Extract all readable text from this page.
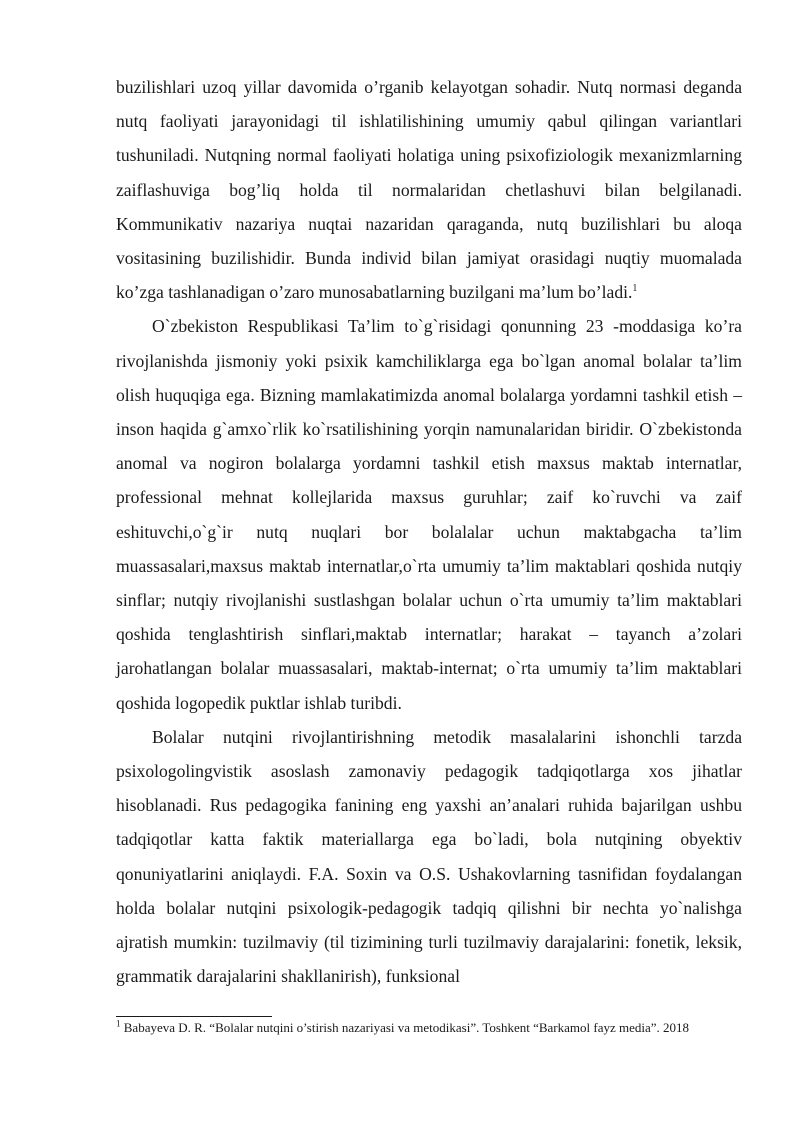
buzilishlari uzoq yillar davomida o’rganib kelayotgan sohadir. Nutq normasi deganda nutq faoliyati jarayonidagi til ishlatilishining umumiy qabul qilingan variantlari tushuniladi. Nutqning normal faoliyati holatiga uning psixofiziologik mexanizmlarning zaiflashuviga bog’liq holda til normalaridan chetlashuvi bilan belgilanadi. Kommunikativ nazariya nuqtai nazaridan qaraganda, nutq buzilishlari bu aloqa vositasining buzilishidir. Bunda individ bilan jamiyat orasidagi nuqtiy muomalada ko’zga tashlanadigan o’zaro munosabatlarning buzilgani ma’lum bo’ladi.$^1$

O`zbekiston Respublikasi Ta’lim to`g`risidagi qonunning 23 -moddasiga ko’ra rivojlanishda jismoniy yoki psixik kamchiliklarga ega bo`lgan anomal bolalar ta’lim olish huquqiga ega. Bizning mamlakatimizda anomal bolalarga yordamni tashkil etish – inson haqida g`amxo`rlik ko`rsatilishining yorqin namunalaridan biridir. O`zbekistonda anomal va nogiron bolalarga yordamni tashkil etish maxsus maktab internatlar, professional mehnat kollejlarida maxsus guruhlar; zaif ko`ruvchi va zaif eshituvchi,o`g`ir nutq nuqlari bor bolalalar uchun maktabgacha ta’lim muassasalari,maxsus maktab internatlar,o`rta umumiy ta’lim maktablari qoshida nutqiy sinflar; nutqiy rivojlanishi sustlashgan bolalar uchun o`rta umumiy ta’lim maktablari qoshida tenglashtirish sinflari,maktab internatlar; harakat – tayanch a’zolari jarohatlangan bolalar muassasalari, maktab-internat; o`rta umumiy ta’lim maktablari qoshida logopedik puktlar ishlab turibdi.

Bolalar nutqini rivojlantirishning metodik masalalarini ishonchli tarzda psixologolingvistik asoslash zamonaviy pedagogik tadqiqotlarga xos jihatlar hisoblanadi. Rus pedagogika fanining eng yaxshi an’analari ruhida bajarilgan ushbu tadqiqotlar katta faktik materiallarga ega bo`ladi, bola nutqining obyektiv qonuniyatlarini aniqlaydi. F.A. Soxin va O.S. Ushakovlarning tasnifidan foydalangan holda bolalar nutqini psixologik-pedagogik tadqiq qilishni bir nechta yo`nalishga ajratish mumkin: tuzilmaviy (til tizimining turli tuzilmaviy darajalarini: fonetik, leksik, grammatik darajalarini shakllanirish), funksional

$^1$ Babayeva D. R. “Bolalar nutqini o’stirish nazariyasi va metodikasi”. Toshkent “Barkamol fayz media”. 2018
